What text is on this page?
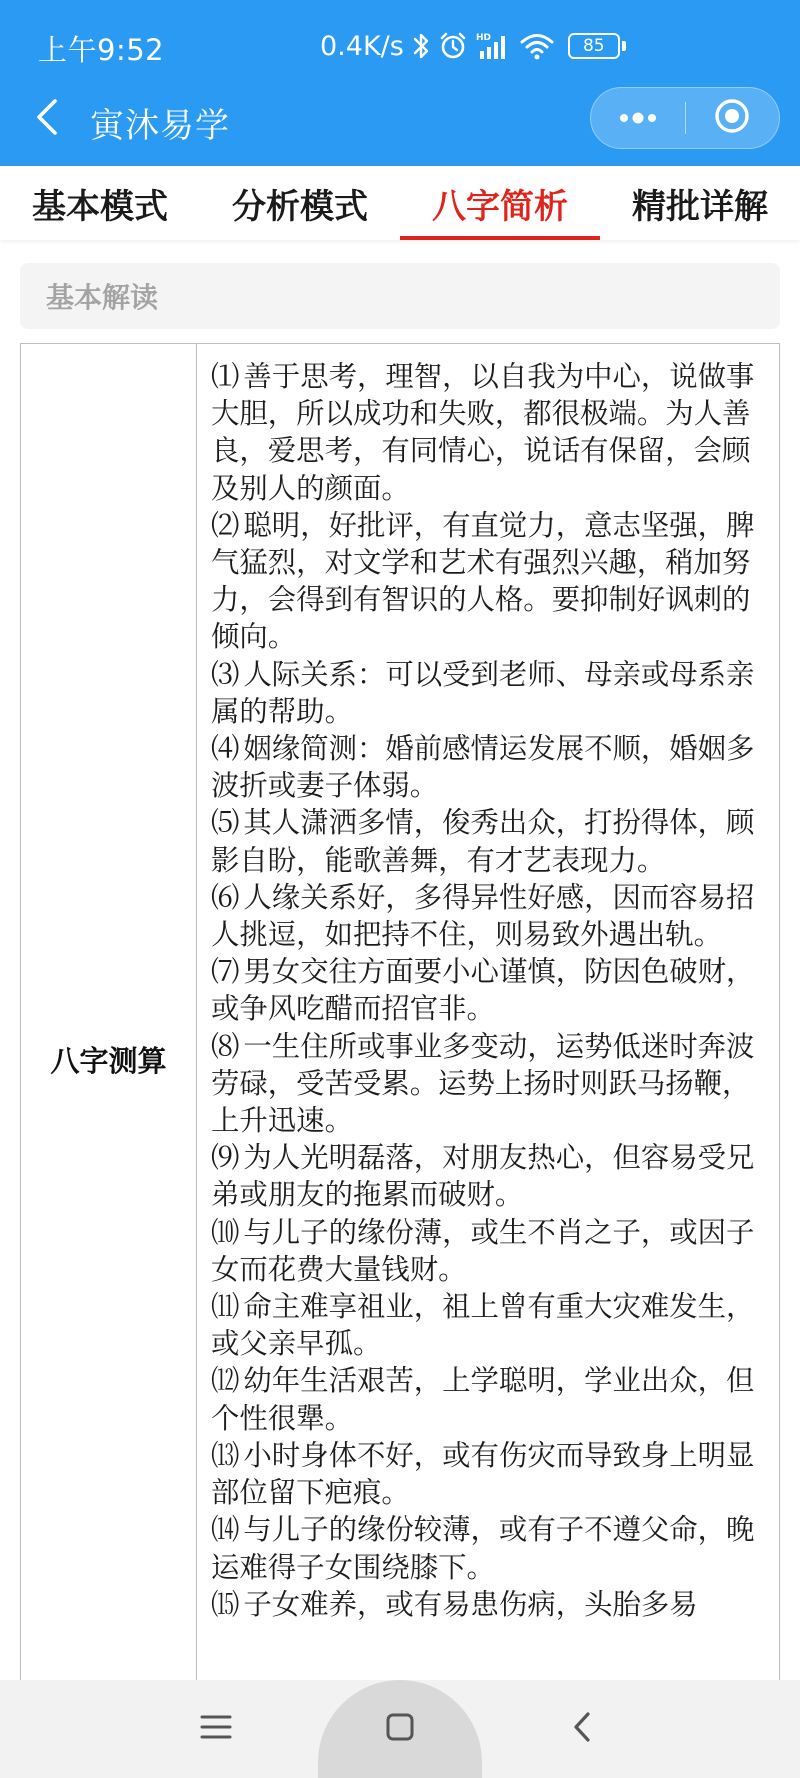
上午9:52	0.4K/s	HD	85
寅沐易学
基本模式	分析模式	八字简析	精批详解
基本解读
八字测算

⑴ 善于思考，理智，以自我为中心，说做事大胆，所以成功和失败，都很极端。为人善良，爱思考，有同情心，说话有保留，会顾及别人的颜面。

⑵ 聪明，好批评，有直觉力，意志坚强，脾气猛烈，对文学和艺术有强烈兴趣，稍加努力，会得到有智识的人格。要抑制好讽刺的倾向。

⑶ 人际关系：可以受到老师、母亲或母系亲属的帮助。

⑷ 姻缘简测：婚前感情运发展不顺，婚姻多波折或妻子体弱。

⑸ 其人潇洒多情，俊秀出众，打扮得体，顾影自盼，能歌善舞，有才艺表现力。

⑹ 人缘关系好，多得异性好感，因而容易招人挑逗，如把持不住，则易致外遇出轨。

⑺ 男女交往方面要小心谨慎，防因色破财，或争风吃醋而招官非。

⑻ 一生住所或事业多变动，运势低迷时奔波劳碌，受苦受累。运势上扬时则跃马扬鞭，上升迅速。

⑼ 为人光明磊落，对朋友热心，但容易受兄弟或朋友的拖累而破财。

⑽ 与儿子的缘份薄，或生不肖之子，或因子女而花费大量钱财。

⑾ 命主难享祖业，祖上曾有重大灾难发生，或父亲早孤。

⑿ 幼年生活艰苦，上学聪明，学业出众，但个性很犟。

⒀ 小时身体不好，或有伤灾而导致身上明显部位留下疤痕。

⒁ 与儿子的缘份较薄，或有子不遵父命，晚运难得子女围绕膝下。

⒂ 子女难养，或有易患伤病，头胎多易
